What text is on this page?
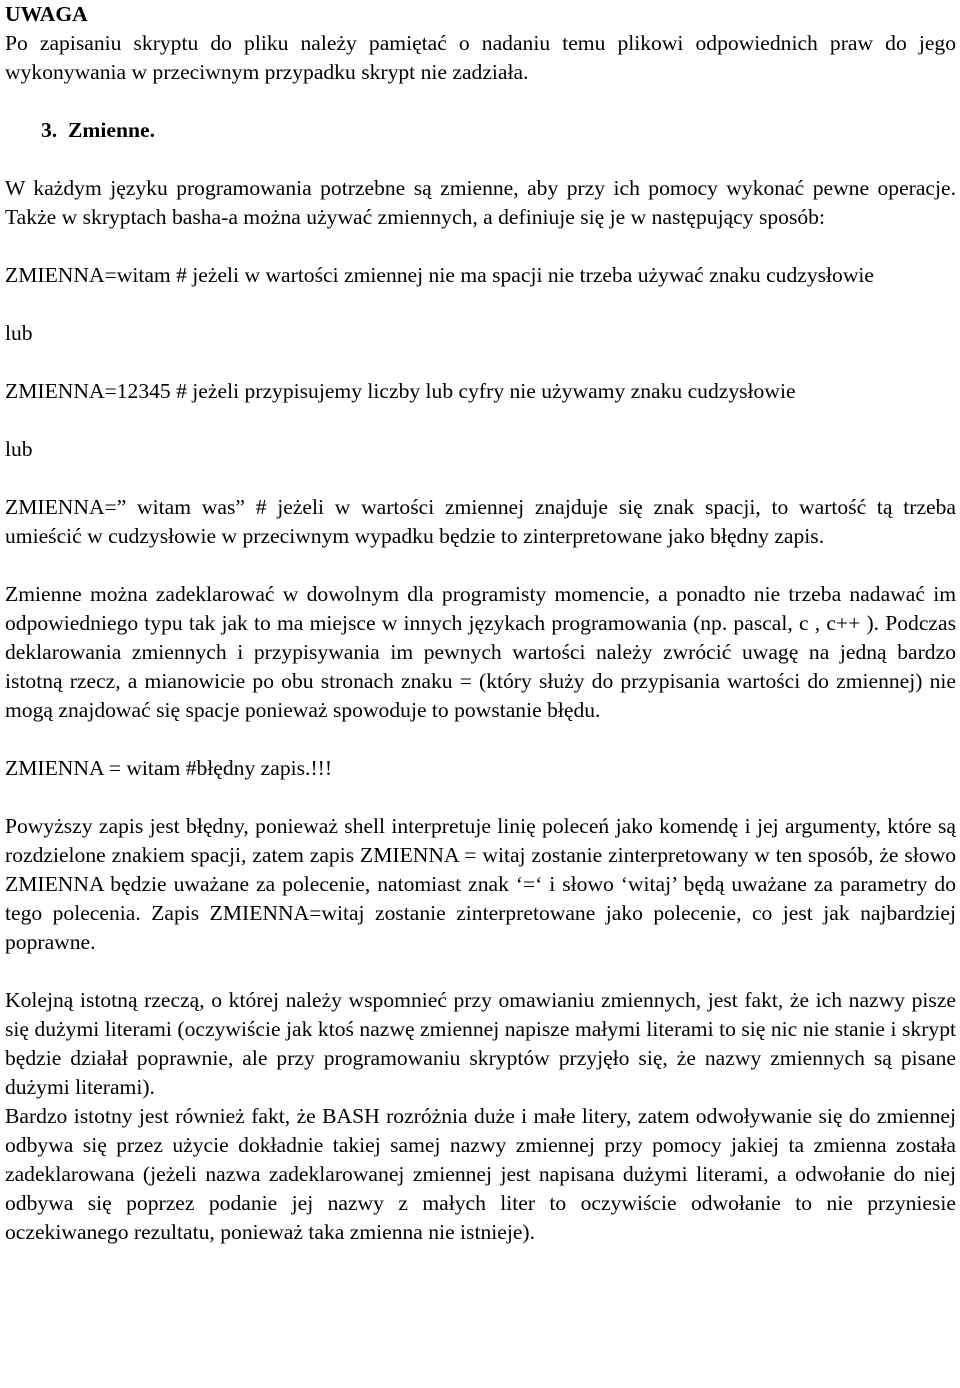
UWAGA

Po zapisaniu skryptu do pliku należy pamiętać o nadaniu temu plikowi odpowiednich praw do jego wykonywania w przeciwnym przypadku skrypt nie zadziała.

3. Zmienne.

W każdym języku programowania potrzebne są zmienne, aby przy ich pomocy wykonać pewne operacje. Także w skryptach basha-a można używać zmiennych, a definiuje się je w następujący sposób:

ZMIENNA=witam # jeżeli w wartości zmiennej nie ma spacji nie trzeba używać znaku cudzysłowie

lub

ZMIENNA=12345 # jeżeli przypisujemy liczby lub cyfry nie używamy znaku cudzysłowie

lub

ZMIENNA=” witam was” # jeżeli w wartości zmiennej znajduje się znak spacji, to wartość tą trzeba umieścić w cudzysłowie w przeciwnym wypadku będzie to zinterpretowane jako błędny zapis.

Zmienne można zadeklarować w dowolnym dla programisty momencie, a ponadto nie trzeba nadawać im odpowiedniego typu tak jak to ma miejsce w innych językach programowania (np. pascal, c , c++ ). Podczas deklarowania zmiennych i przypisywania im pewnych wartości należy zwrócić uwagę na jedną bardzo istotną rzecz, a mianowicie po obu stronach znaku = (który służy do przypisania wartości do zmiennej) nie mogą znajdować się spacje ponieważ spowoduje to powstanie błędu.

ZMIENNA = witam #błędny zapis.!!!

Powyższy zapis jest błędny, ponieważ shell interpretuje linię poleceń jako komendę i jej argumenty, które są rozdzielone znakiem spacji, zatem zapis ZMIENNA = witaj zostanie zinterpretowany w ten sposób, że słowo ZMIENNA będzie uważane za polecenie, natomiast znak ‘=‘ i słowo ‘witaj’ będą uważane za parametry do tego polecenia. Zapis ZMIENNA=witaj zostanie zinterpretowane jako polecenie, co jest jak najbardziej poprawne.

Kolejną istotną rzeczą, o której należy wspomnieć przy omawianiu zmiennych, jest fakt, że ich nazwy pisze się dużymi literami (oczywiście jak ktoś nazwę zmiennej napisze małymi literami to się nic nie stanie i skrypt będzie działał poprawnie, ale przy programowaniu skryptów przyjęło się, że nazwy zmiennych są pisane dużymi literami).

Bardzo istotny jest również fakt, że BASH rozróżnia duże i małe litery, zatem odwoływanie się do zmiennej odbywa się przez użycie dokładnie takiej samej nazwy zmiennej przy pomocy jakiej ta zmienna została zadeklarowana (jeżeli nazwa zadeklarowanej zmiennej jest napisana dużymi literami, a odwołanie do niej odbywa się poprzez podanie jej nazwy z małych liter to oczywiście odwołanie to nie przyniesie oczekiwanego rezultatu, ponieważ taka zmienna nie istnieje).
